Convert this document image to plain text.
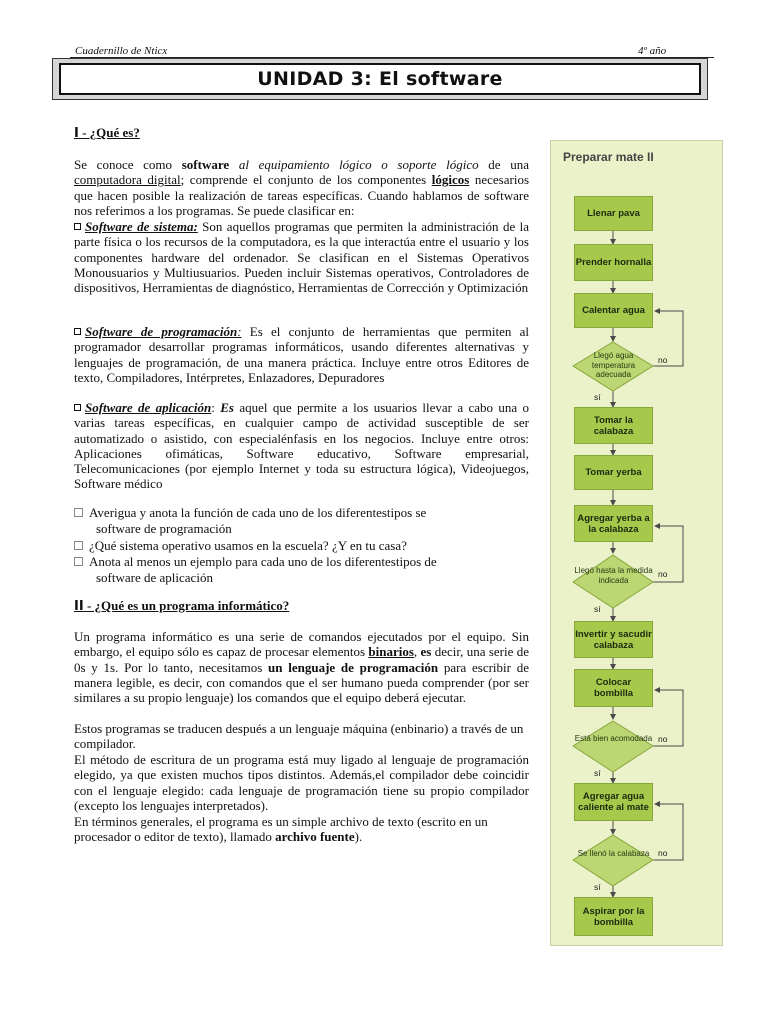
Cuadernillo de Nticx	4º año
UNIDAD 3: El software
I - ¿Qué es?
Se conoce como software al equipamiento lógico o soporte lógico de una computadora digital; comprende el conjunto de los componentes lógicos necesarios que hacen posible la realización de tareas específicas. Cuando hablamos de software nos referimos a los programas. Se puede clasificar en:
Software de sistema: Son aquellos programas que permiten la administración de la parte física o los recursos de la computadora, es la que interactúa entre el usuario y los componentes hardware del ordenador. Se clasifican en el Sistemas Operativos Monousuarios y Multiusuarios. Pueden incluir Sistemas operativos, Controladores de dispositivos, Herramientas de diagnóstico, Herramientas de Corrección y Optimización
Software de programación: Es el conjunto de herramientas que permiten al programador desarrollar programas informáticos, usando diferentes alternativas y lenguajes de programación, de una manera práctica. Incluye entre otros Editores de texto, Compiladores, Intérpretes, Enlazadores, Depuradores
Software de aplicación: Es aquel que permite a los usuarios llevar a cabo una o varias tareas específicas, en cualquier campo de actividad susceptible de ser automatizado o asistido, con especialénfasis en los negocios. Incluye entre otros: Aplicaciones ofimáticas, Software educativo, Software empresarial, Telecomunicaciones (por ejemplo Internet y toda su estructura lógica), Videojuegos, Software médico
Averigua y anota la función de cada uno de los diferentestipos se
software de programación
¿Qué sistema operativo usamos en la escuela? ¿Y en tu casa?
Anota al menos un ejemplo para cada uno de los diferentestipos de
software de aplicación
II - ¿Qué es un programa informático?
Un programa informático es una serie de comandos ejecutados por el equipo. Sin embargo, el equipo sólo es capaz de procesar elementos binarios, es decir, una serie de 0s y 1s. Por lo tanto, necesitamos un lenguaje de programación para escribir de manera legible, es decir, con comandos que el ser humano pueda comprender (por ser similares a su propio lenguaje) los comandos que el equipo deberá ejecutar.
Estos programas se traducen después a un lenguaje máquina (enbinario) a través de un compilador.
El método de escritura de un programa está muy ligado al lenguaje de programación elegido, ya que existen muchos tipos distintos. Además,el compilador debe coincidir con el lenguaje elegido: cada lenguaje de programación tiene su propio compilador (excepto los lenguajes interpretados).
En términos generales, el programa es un simple archivo de texto (escrito en un procesador o editor de texto), llamado archivo fuente).
Preparar mate II
Llenar pava
Prender hornalla
Calentar agua
Llegó agua temperatura adecuada
no
sí
Tomar la calabaza
Tomar yerba
Agregar yerba a la calabaza
Llegó hasta la medida indicada
no
sí
Invertir y sacudir calabaza
Colocar bombilla
Está bien acomodada no
sí
Agregar agua caliente al mate
Se llenó la calabaza	no
sí
Aspirar por la bombilla
